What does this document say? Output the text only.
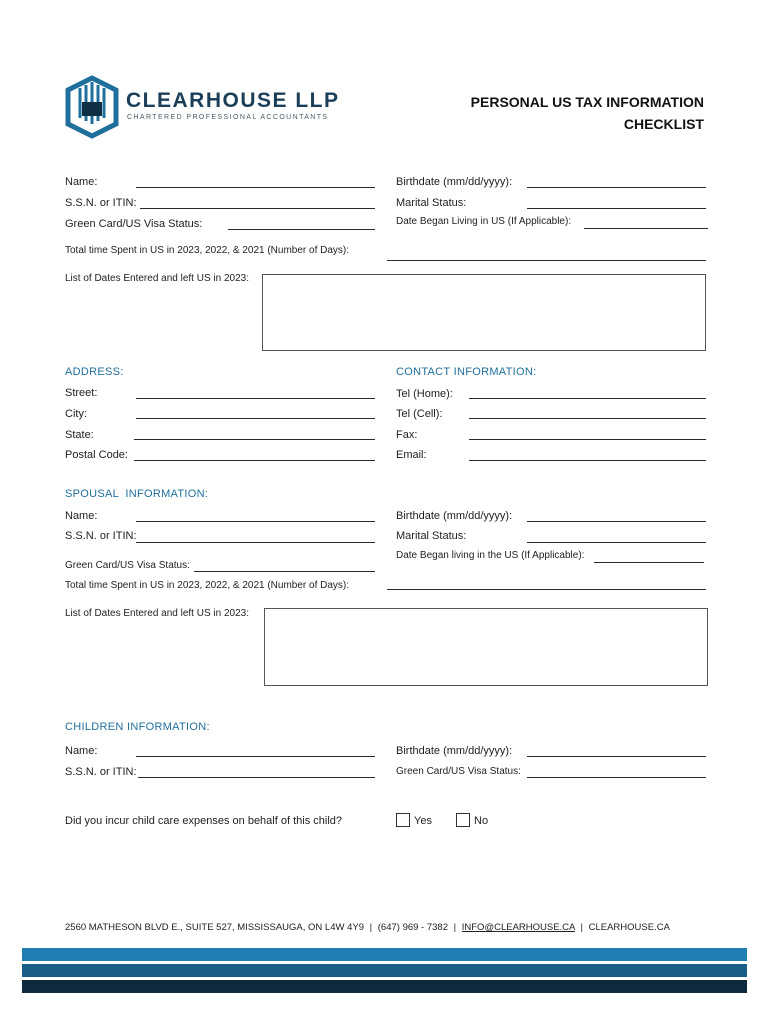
CLEARHOUSE LLP
CHARTERED PROFESSIONAL ACCOUNTANTS
PERSONAL US TAX INFORMATION
CHECKLIST
Name:
S.S.N. or ITIN:
Green Card/US Visa Status:
Birthdate (mm/dd/yyyy):
Marital Status:
Date Began Living in US (If Applicable):
Total time Spent in US in 2023, 2022, & 2021 (Number of Days):
List of Dates Entered and left US in 2023:
ADDRESS:
Street:
City:
State:
Postal Code:
CONTACT INFORMATION:
Tel (Home):
Tel (Cell):
Fax:
Email:
SPOUSAL  INFORMATION:
Name:
S.S.N. or ITIN:
Green Card/US Visa Status:
Birthdate (mm/dd/yyyy):
Marital Status:
Date Began living in the US (If Applicable):
Total time Spent in US in 2023, 2022, & 2021 (Number of Days):
List of Dates Entered and left US in 2023:
CHILDREN INFORMATION:
Name:
S.S.N. or ITIN:
Birthdate (mm/dd/yyyy):
Green Card/US Visa Status:
Did you incur child care expenses on behalf of this child?	Yes	No
2560 MATHESON BLVD E., SUITE 527, MISSISSAUGA, ON L4W 4Y9 | (647) 969 - 7382 | INFO@CLEARHOUSE.CA | CLEARHOUSE.CA
